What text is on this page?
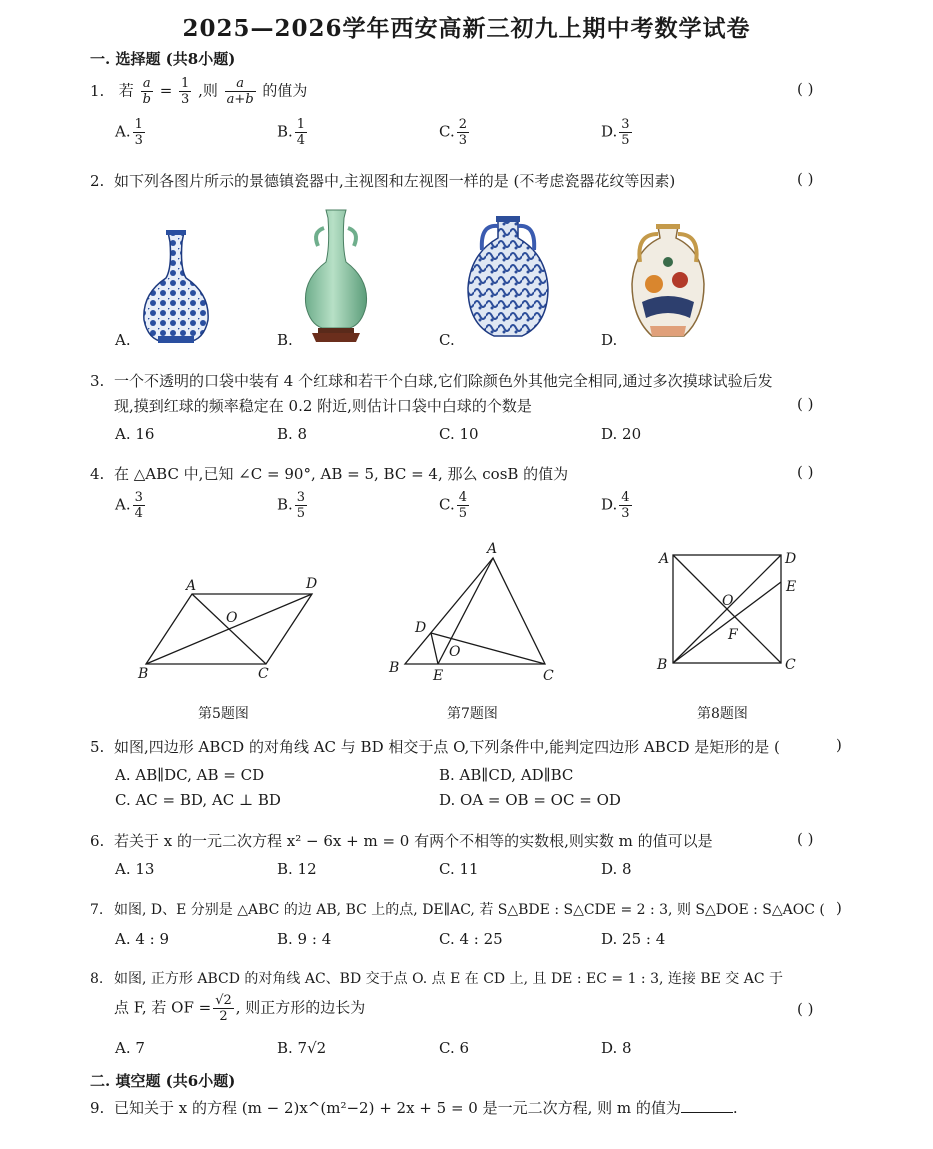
2025—2026学年西安高新三初九上期中考数学试卷
一. 选择题 (共8小题)
1. 若 $\frac{a}{b} = \frac{1}{3}$ ,则 $\frac{a}{a+b}$ 的值为	( )
A. $\frac{1}{3}$	B. $\frac{1}{4}$	C. $\frac{2}{3}$	D. $\frac{3}{5}$
2. 如下列各图片所示的景德镇瓷器中,主视图和左视图一样的是 (不考虑瓷器花纹等因素)	( )
A.	B.	C.	D.
3. 一个不透明的口袋中装有 4 个红球和若干个白球,它们除颜色外其他完全相同,通过多次摸球试验后发
现,摸到红球的频率稳定在 0.2 附近,则估计口袋中白球的个数是	( )
A. 16	B. 8	C. 10	D. 20
4. 在 △ABC 中,已知 ∠C = 90°, AB = 5, BC = 4, 那么 cosB 的值为	( )
A. $\frac{3}{4}$	B. $\frac{3}{5}$	C. $\frac{4}{5}$	D. $\frac{4}{3}$
A	D
B	C
O
第5题图
A
D
O
B E	C
第7题图
A	D
E
O
F
B	C
第8题图
5. 如图,四边形 ABCD 的对角线 AC 与 BD 相交于点 O,下列条件中,能判定四边形 ABCD 是矩形的是 (	)
A. AB∥DC, AB = CD	B. AB∥CD, AD∥BC
C. AC = BD, AC ⊥ BD	D. OA = OB = OC = OD
6. 若关于 x 的一元二次方程 x² − 6x + m = 0 有两个不相等的实数根,则实数 m 的值可以是	( )
A. 13	B. 12	C. 11	D. 8
7. 如图, D、E 分别是 △ABC 的边 AB, BC 上的点, DE∥AC, 若 S△BDE : S△CDE = 2 : 3, 则 S△DOE : S△AOC ( )
A. 4 : 9	B. 9 : 4	C. 4 : 25	D. 25 : 4
8. 如图, 正方形 ABCD 的对角线 AC、BD 交于点 O. 点 E 在 CD 上, 且 DE : EC = 1 : 3, 连接 BE 交 AC 于
点 F, 若 OF = $\frac{√2}{2}$ , 则正方形的边长为	( )
A. 7	B. 7√2	C. 6	D. 8
二. 填空题 (共6小题)
9. 已知关于 x 的方程 (m − 2)x^(m²−2) + 2x + 5 = 0 是一元二次方程, 则 m 的值为	.
